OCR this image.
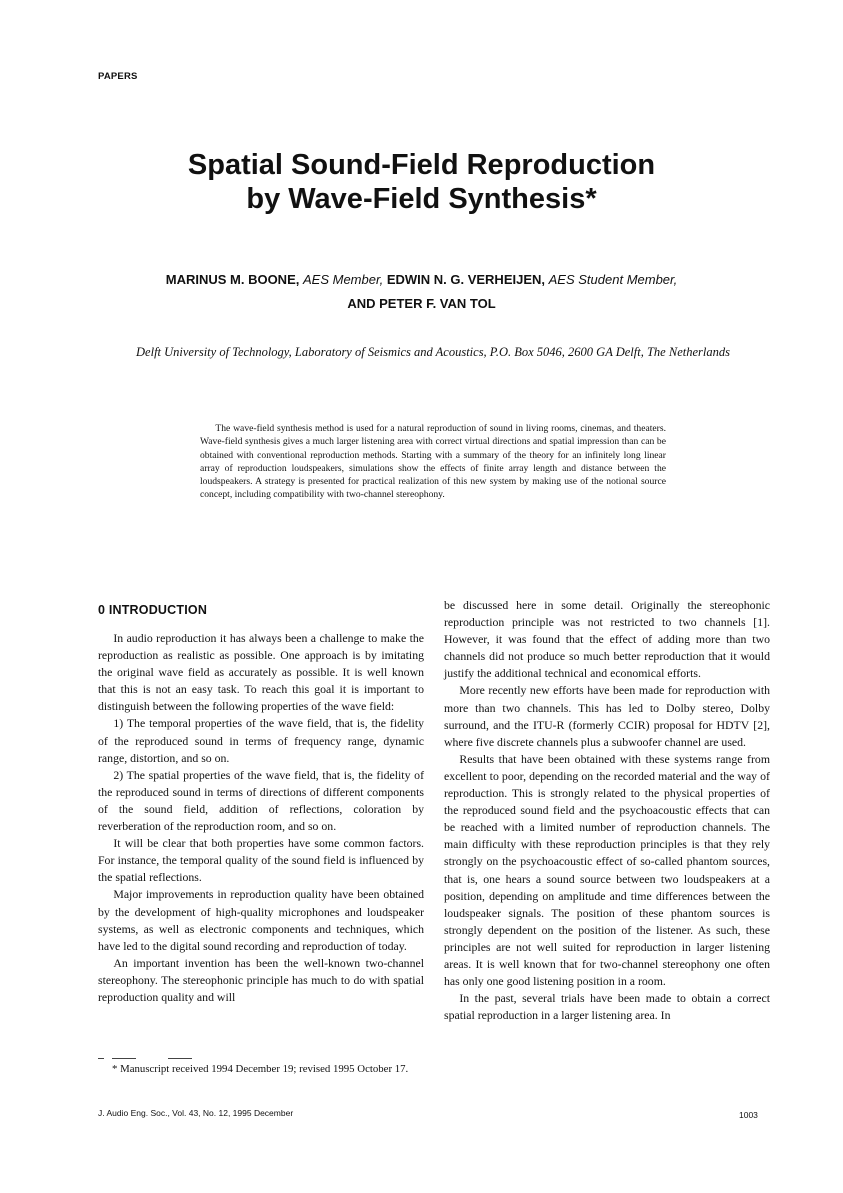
PAPERS
Spatial Sound-Field Reproduction
by Wave-Field Synthesis*
MARINUS M. BOONE, AES Member, EDWIN N. G. VERHEIJEN, AES Student Member,
AND PETER F. VAN TOL
Delft University of Technology, Laboratory of Seismics and Acoustics, P.O. Box 5046, 2600 GA Delft, The Netherlands

The wave-field synthesis method is used for a natural reproduction of sound in living rooms, cinemas, and theaters. Wave-field synthesis gives a much larger listening area with correct virtual directions and spatial impression than can be obtained with conventional reproduction methods. Starting with a summary of the theory for an infinitely long linear array of reproduction loudspeakers, simulations show the effects of finite array length and distance between the loudspeakers. A strategy is presented for practical realization of this new system by making use of the notional source concept, including compatibility with two-channel stereophony.

0 INTRODUCTION

In audio reproduction it has always been a challenge to make the reproduction as realistic as possible. One approach is by imitating the original wave field as accurately as possible. It is well known that this is not an easy task. To reach this goal it is important to distinguish between the following properties of the wave field:

1) The temporal properties of the wave field, that is, the fidelity of the reproduced sound in terms of frequency range, dynamic range, distortion, and so on.

2) The spatial properties of the wave field, that is, the fidelity of the reproduced sound in terms of directions of different components of the sound field, addition of reflections, coloration by reverberation of the reproduction room, and so on.

It will be clear that both properties have some common factors. For instance, the temporal quality of the sound field is influenced by the spatial reflections.

Major improvements in reproduction quality have been obtained by the development of high-quality microphones and loudspeaker systems, as well as electronic components and techniques, which have led to the digital sound recording and reproduction of today.

An important invention has been the well-known two-channel stereophony. The stereophonic principle has much to do with spatial reproduction quality and will

be discussed here in some detail. Originally the stereophonic reproduction principle was not restricted to two channels [1]. However, it was found that the effect of adding more than two channels did not produce so much better reproduction that it would justify the additional technical and economical efforts.

More recently new efforts have been made for reproduction with more than two channels. This has led to Dolby stereo, Dolby surround, and the ITU-R (formerly CCIR) proposal for HDTV [2], where five discrete channels plus a subwoofer channel are used.

Results that have been obtained with these systems range from excellent to poor, depending on the recorded material and the way of reproduction. This is strongly related to the physical properties of the reproduced sound field and the psychoacoustic effects that can be reached with a limited number of reproduction channels. The main difficulty with these reproduction principles is that they rely strongly on the psychoacoustic effect of so-called phantom sources, that is, one hears a sound source between two loudspeakers at a position, depending on amplitude and time differences between the loudspeaker signals. The position of these phantom sources is strongly dependent on the position of the listener. As such, these principles are not well suited for reproduction in larger listening areas. It is well known that for two-channel stereophony one often has only one good listening position in a room.

In the past, several trials have been made to obtain a correct spatial reproduction in a larger listening area. In

* Manuscript received 1994 December 19; revised 1995 October 17.

J. Audio Eng. Soc., Vol. 43, No. 12, 1995 December	1003
